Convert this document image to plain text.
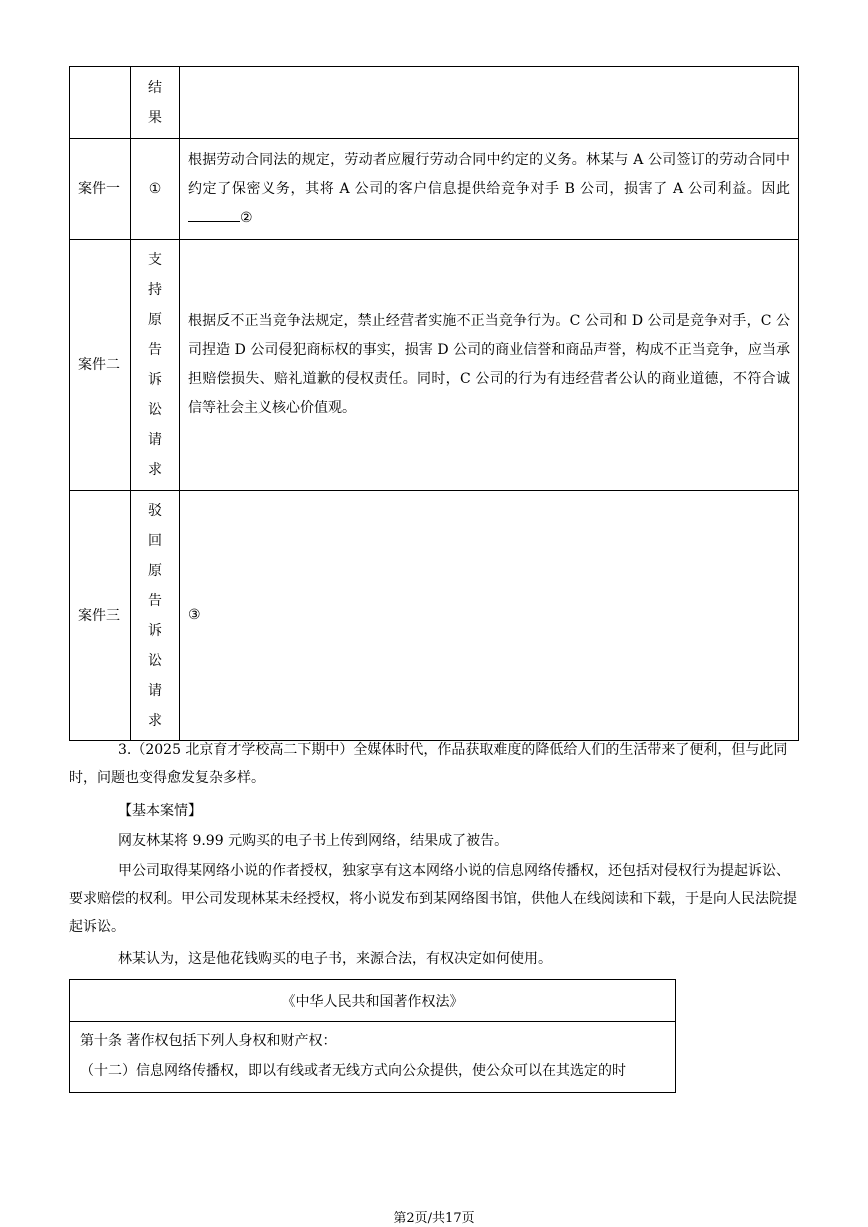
	结果	
案件一	①	根据劳动合同法的规定，劳动者应履行劳动合同中约定的义务。林某与 A 公司签订的劳动合同中约定了保密义务，其将 A 公司的客户信息提供给竞争对手 B 公司，损害了 A 公司利益。因此②
案件二	支持原告诉讼请求	根据反不正当竞争法规定，禁止经营者实施不正当竞争行为。C 公司和 D 公司是竞争对手，C 公司捏造 D 公司侵犯商标权的事实，损害 D 公司的商业信誉和商品声誉，构成不正当竞争，应当承担赔偿损失、赔礼道歉的侵权责任。同时，C 公司的行为有违经营者公认的商业道德，不符合诚信等社会主义核心价值观。
案件三	驳回原告诉讼请求	③
3.（2025 北京育才学校高二下期中）全媒体时代，作品获取难度的降低给人们的生活带来了便利，但与此同时，问题也变得愈发复杂多样。
【基本案情】
网友林某将 9.99 元购买的电子书上传到网络，结果成了被告。
甲公司取得某网络小说的作者授权，独家享有这本网络小说的信息网络传播权，还包括对侵权行为提起诉讼、要求赔偿的权利。甲公司发现林某未经授权，将小说发布到某网络图书馆，供他人在线阅读和下载，于是向人民法院提起诉讼。
林某认为，这是他花钱购买的电子书，来源合法，有权决定如何使用。
《中华人民共和国著作权法》

第十条 著作权包括下列人身权和财产权：
（十二）信息网络传播权，即以有线或者无线方式向公众提供，使公众可以在其选定的时
第2页/共17页
